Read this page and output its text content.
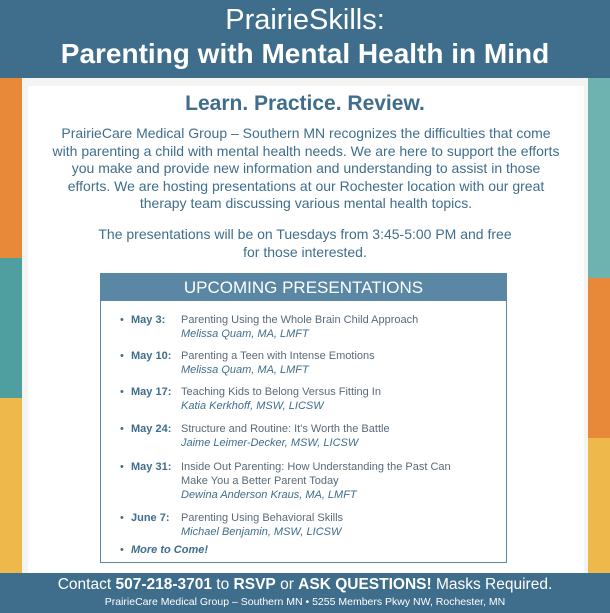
PrairieSkills:
Parenting with Mental Health in Mind
Learn. Practice. Review.
PrairieCare Medical Group – Southern MN recognizes the difficulties that come with parenting a child with mental health needs. We are here to support the efforts you make and provide new information and understanding to assist in those efforts. We are hosting presentations at our Rochester location with our great therapy team discussing various mental health topics.
The presentations will be on Tuesdays from 3:45-5:00 PM and free for those interested.
UPCOMING PRESENTATIONS
• May 3: Parenting Using the Whole Brain Child Approach
Melissa Quam, MA, LMFT
• May 10: Parenting a Teen with Intense Emotions
Melissa Quam, MA, LMFT
• May 17: Teaching Kids to Belong Versus Fitting In
Katia Kerkhoff, MSW, LICSW
• May 24: Structure and Routine: It's Worth the Battle
Jaime Leimer-Decker, MSW, LICSW
• May 31: Inside Out Parenting: How Understanding the Past Can
Make You a Better Parent Today
Dewina Anderson Kraus, MA, LMFT
• June 7: Parenting Using Behavioral Skills
Michael Benjamin, MSW, LICSW
• More to Come!
Contact 507-218-3701 to RSVP or ASK QUESTIONS! Masks Required.
PrairieCare Medical Group – Southern MN • 5255 Members Pkwy NW, Rochester, MN
